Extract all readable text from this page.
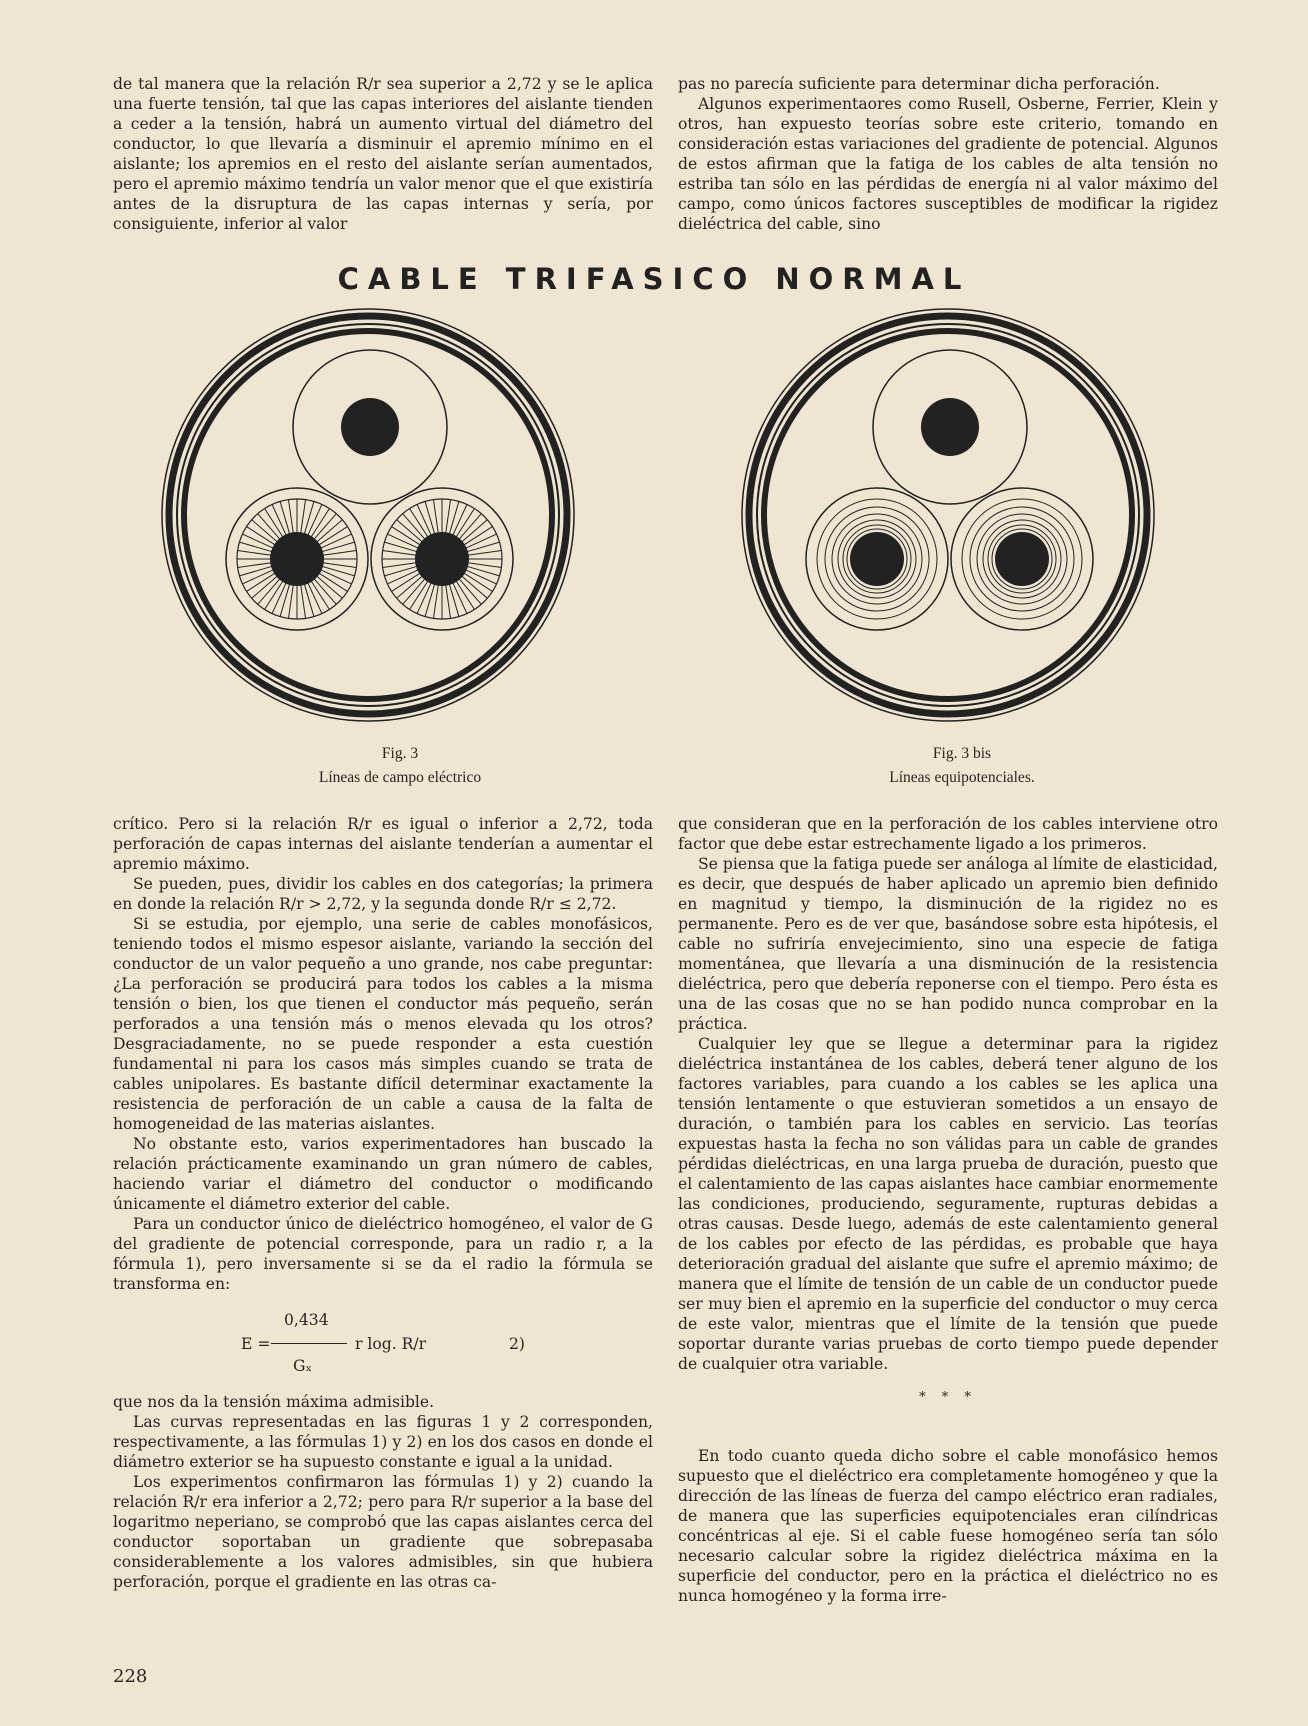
de tal manera que la relación R/r sea superior a 2,72 y se le aplica una fuerte tensión, tal que las capas interiores del aislante tienden a ceder a la tensión, habrá un aumento virtual del diámetro del conductor, lo que llevaría a disminuir el apremio mínimo en el aislante; los apremios en el resto del aislante serían aumentados, pero el apremio máximo tendría un valor menor que el que existiría antes de la disruptura de las capas internas y sería, por consiguiente, inferior al valor

pas no parecía suficiente para determinar dicha perforación.

Algunos experimentaores como Rusell, Osberne, Ferrier, Klein y otros, han expuesto teorías sobre este criterio, tomando en consideración estas variaciones del gradiente de potencial. Algunos de estos afirman que la fatiga de los cables de alta tensión no estriba tan sólo en las pérdidas de energía ni al valor máximo del campo, como únicos factores susceptibles de modificar la rigidez dieléctrica del cable, sino

CABLE TRIFASICO NORMAL
Fig. 3
Líneas de campo eléctrico
Fig. 3 bis
Líneas equipotenciales.

crítico. Pero si la relación R/r es igual o inferior a 2,72, toda perforación de capas internas del aislante tenderían a aumentar el apremio máximo.

Se pueden, pues, dividir los cables en dos categorías; la primera en donde la relación R/r > 2,72, y la segunda donde R/r ≤ 2,72.

Si se estudia, por ejemplo, una serie de cables monofásicos, teniendo todos el mismo espesor aislante, variando la sección del conductor de un valor pequeño a uno grande, nos cabe preguntar: ¿La perforación se producirá para todos los cables a la misma tensión o bien, los que tienen el conductor más pequeño, serán perforados a una tensión más o menos elevada qu los otros? Desgraciadamente, no se puede responder a esta cuestión fundamental ni para los casos más simples cuando se trata de cables unipolares. Es bastante difícil determinar exactamente la resistencia de perforación de un cable a causa de la falta de homogeneidad de las materias aislantes.

No obstante esto, varios experimentadores han buscado la relación prácticamente examinando un gran número de cables, haciendo variar el diámetro del conductor o modificando únicamente el diámetro exterior del cable.

Para un conductor único de dieléctrico homogéneo, el valor de G del gradiente de potencial corresponde, para un radio r, a la fórmula 1), pero inversamente si se da el radio la fórmula se transforma en:

0,434
E =	r log. R/r
Gₓ
2)

que nos da la tensión máxima admisible.

Las curvas representadas en las figuras 1 y 2 corresponden, respectivamente, a las fórmulas 1) y 2) en los dos casos en donde el diámetro exterior se ha supuesto constante e igual a la unidad.

Los experimentos confirmaron las fórmulas 1) y 2) cuando la relación R/r era inferior a 2,72; pero para R/r superior a la base del logaritmo neperiano, se comprobó que las capas aislantes cerca del conductor soportaban un gradiente que sobrepasaba considerablemente a los valores admisibles, sin que hubiera perforación, porque el gradiente en las otras ca-

que consideran que en la perforación de los cables interviene otro factor que debe estar estrechamente ligado a los primeros.

Se piensa que la fatiga puede ser análoga al límite de elasticidad, es decir, que después de haber aplicado un apremio bien definido en magnitud y tiempo, la disminución de la rigidez no es permanente. Pero es de ver que, basándose sobre esta hipótesis, el cable no sufriría envejecimiento, sino una especie de fatiga momentánea, que llevaría a una disminución de la resistencia dieléctrica, pero que debería reponerse con el tiempo. Pero ésta es una de las cosas que no se han podido nunca comprobar en la práctica.

Cualquier ley que se llegue a determinar para la rigidez dieléctrica instantánea de los cables, deberá tener alguno de los factores variables, para cuando a los cables se les aplica una tensión lentamente o que estuvieran sometidos a un ensayo de duración, o también para los cables en servicio. Las teorías expuestas hasta la fecha no son válidas para un cable de grandes pérdidas dieléctricas, en una larga prueba de duración, puesto que el calentamiento de las capas aislantes hace cambiar enormemente las condiciones, produciendo, seguramente, rupturas debidas a otras causas. Desde luego, además de este calentamiento general de los cables por efecto de las pérdidas, es probable que haya deterioración gradual del aislante que sufre el apremio máximo; de manera que el límite de tensión de un cable de un conductor puede ser muy bien el apremio en la superficie del conductor o muy cerca de este valor, mientras que el límite de la tensión que puede soportar durante varias pruebas de corto tiempo puede depender de cualquier otra variable.

* * *

En todo cuanto queda dicho sobre el cable monofásico hemos supuesto que el dieléctrico era completamente homogéneo y que la dirección de las líneas de fuerza del campo eléctrico eran radiales, de manera que las superficies equipotenciales eran cilíndricas concéntricas al eje. Si el cable fuese homogéneo sería tan sólo necesario calcular sobre la rigidez dieléctrica máxima en la superficie del conductor, pero en la práctica el dieléctrico no es nunca homogéneo y la forma irre-

228
